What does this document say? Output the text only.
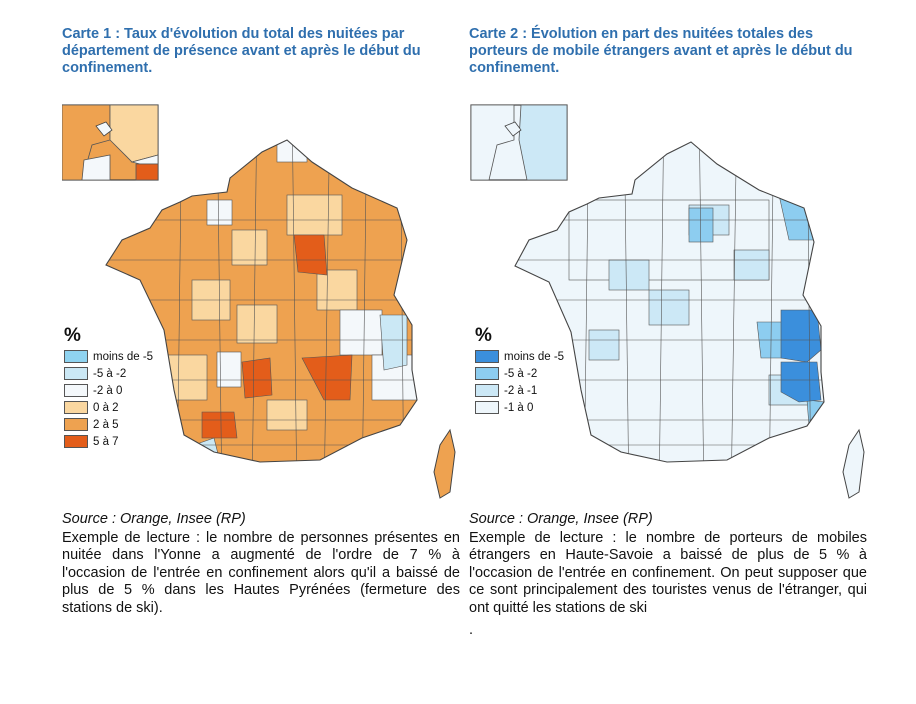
Carte 1 : Taux d'évolution du total des nuitées par département de présence avant et après le début du confinement.
%
moins de -5
-5 à -2
-2 à 0
0 à 2
2 à 5
5 à 7
Source : Orange, Insee (RP)
Exemple de lecture : le nombre de personnes présentes en nuitée dans l'Yonne a augmenté de l'ordre de 7 % à l'occasion de l'entrée en confinement alors qu'il a baissé de plus de 5 % dans les Hautes Pyrénées (fermeture des stations de ski).
Carte 2 : Évolution en part des nuitées totales des porteurs de mobile étrangers avant et après le début du confinement.
%
moins de -5
-5 à -2
-2 à -1
-1 à 0
Source : Orange, Insee (RP)
Exemple de lecture : le nombre de porteurs de mobiles étrangers en Haute-Savoie a baissé de plus de 5 % à l'occasion de l'entrée en confinement. On peut supposer que ce sont principalement des touristes venus de l'étranger, qui ont quitté les stations de ski
.
